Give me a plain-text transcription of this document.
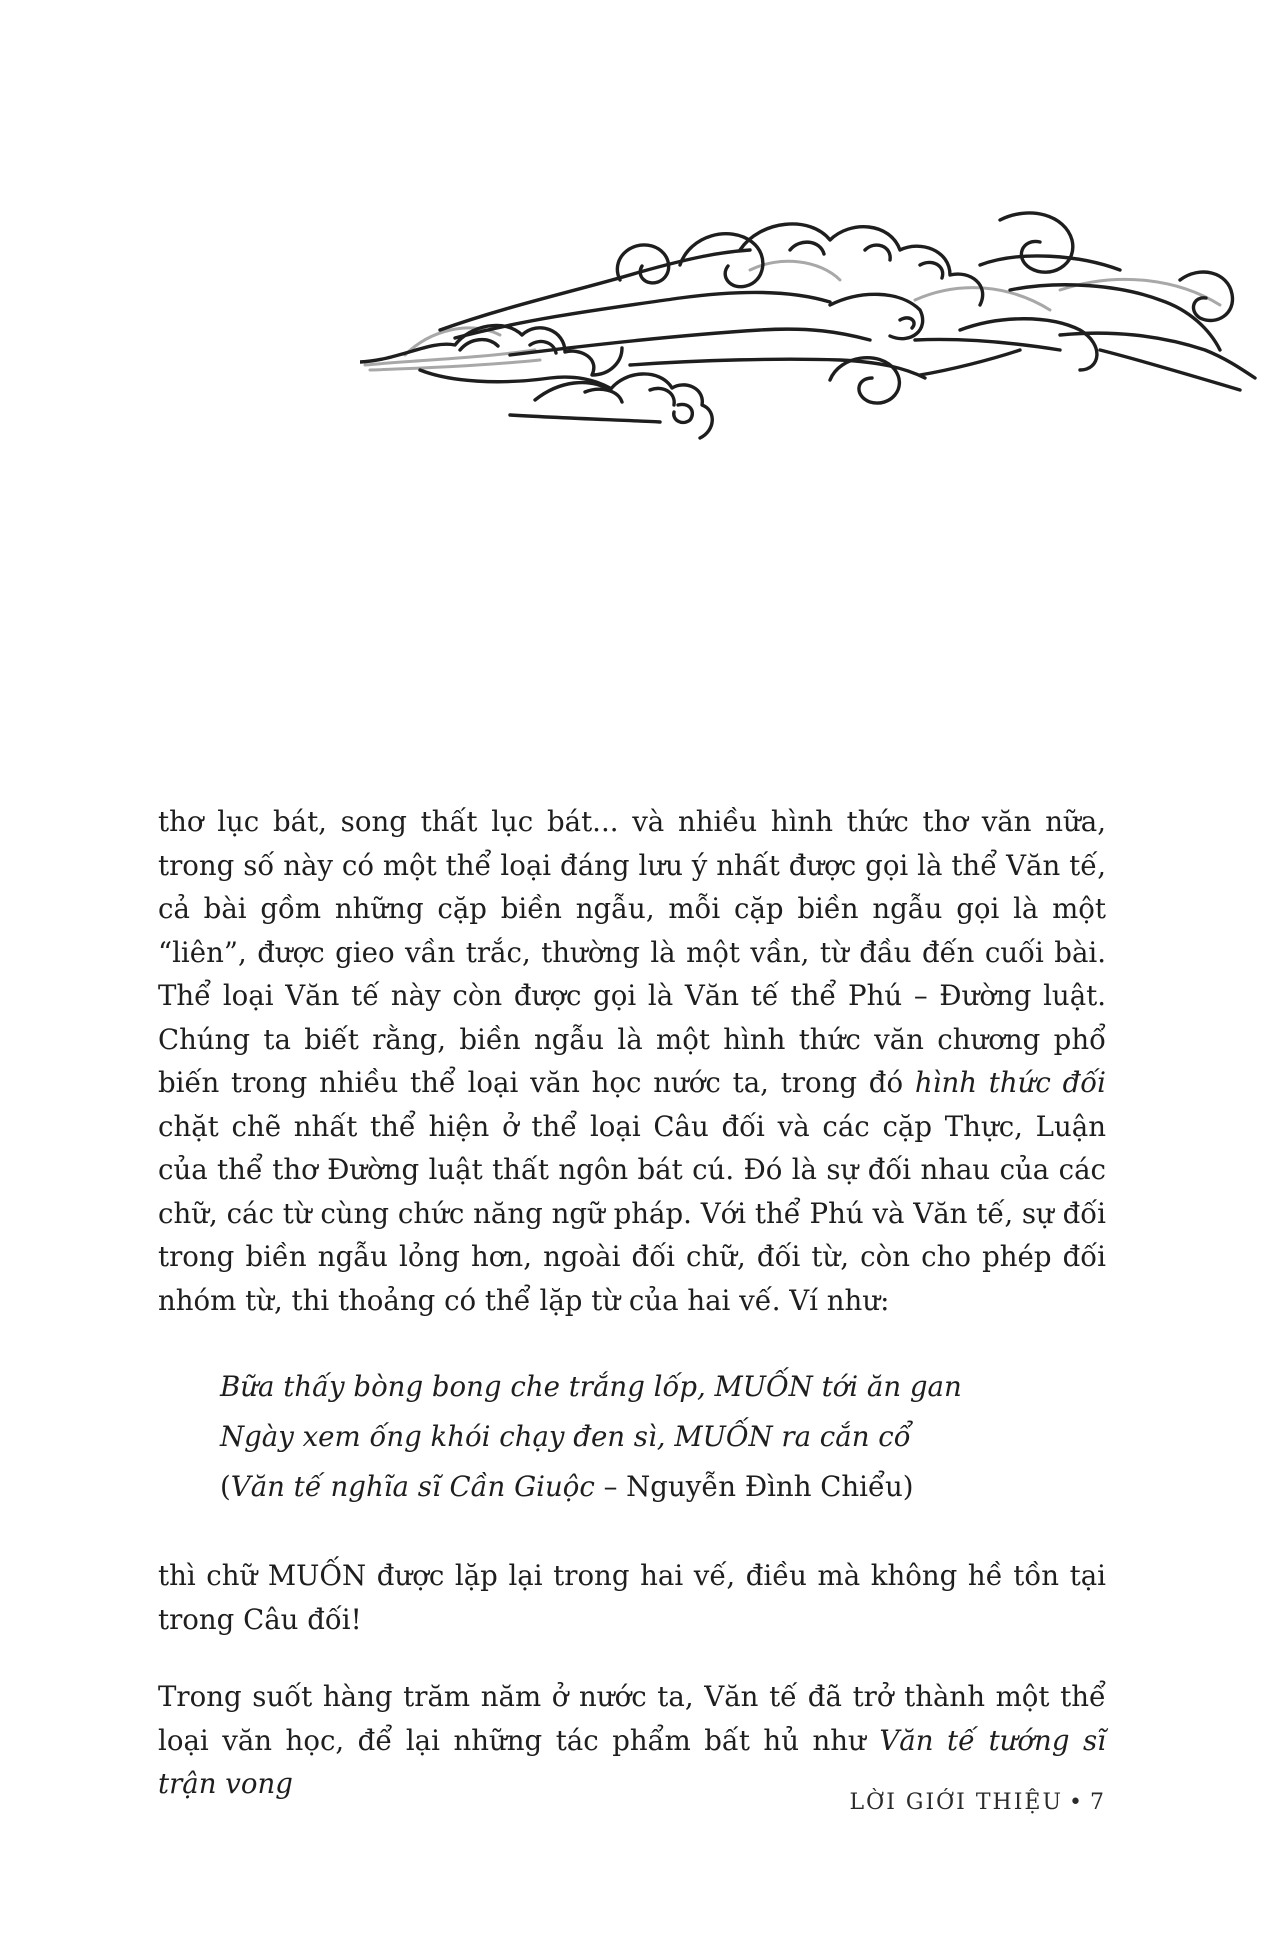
thơ lục bát, song thất lục bát... và nhiều hình thức thơ văn nữa, trong số này có một thể loại đáng lưu ý nhất được gọi là thể Văn tế, cả bài gồm những cặp biền ngẫu, mỗi cặp biền ngẫu gọi là một “liên”, được gieo vần trắc, thường là một vần, từ đầu đến cuối bài. Thể loại Văn tế này còn được gọi là Văn tế thể Phú – Đường luật. Chúng ta biết rằng, biền ngẫu là một hình thức văn chương phổ biến trong nhiều thể loại văn học nước ta, trong đó hình thức đối chặt chẽ nhất thể hiện ở thể loại Câu đối và các cặp Thực, Luận của thể thơ Đường luật thất ngôn bát cú. Đó là sự đối nhau của các chữ, các từ cùng chức năng ngữ pháp. Với thể Phú và Văn tế, sự đối trong biền ngẫu lỏng hơn, ngoài đối chữ, đối từ, còn cho phép đối nhóm từ, thi thoảng có thể lặp từ của hai vế. Ví như:

Bữa thấy bòng bong che trắng lốp, MUỐN tới ăn gan
Ngày xem ống khói chạy đen sì, MUỐN ra cắn cổ
(Văn tế nghĩa sĩ Cần Giuộc – Nguyễn Đình Chiểu)

thì chữ MUỐN được lặp lại trong hai vế, điều mà không hề tồn tại trong Câu đối!

Trong suốt hàng trăm năm ở nước ta, Văn tế đã trở thành một thể loại văn học, để lại những tác phẩm bất hủ như Văn tế tướng sĩ trận vong

LỜI GIỚI THIỆU • 7
